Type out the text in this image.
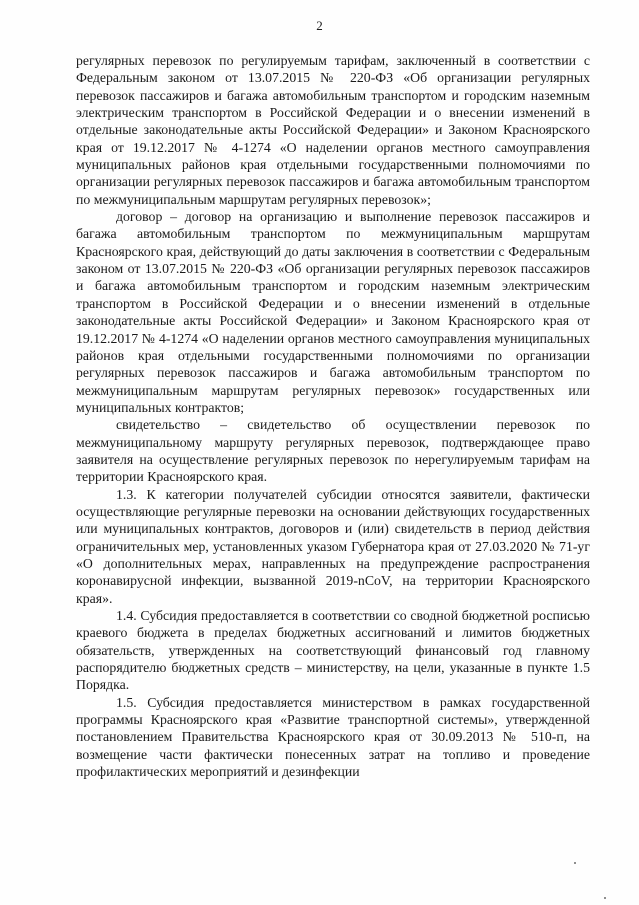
2

регулярных перевозок по регулируемым тарифам, заключенный в соответствии с Федеральным законом от 13.07.2015 № 220-ФЗ «Об организации регулярных перевозок пассажиров и багажа автомобильным транспортом и городским наземным электрическим транспортом в Российской Федерации и о внесении изменений в отдельные законодательные акты Российской Федерации» и Законом Красноярского края от 19.12.2017 № 4-1274 «О наделении органов местного самоуправления муниципальных районов края отдельными государственными полномочиями по организации регулярных перевозок пассажиров и багажа автомобильным транспортом по межмуниципальным маршрутам регулярных перевозок»;

договор – договор на организацию и выполнение перевозок пассажиров и багажа автомобильным транспортом по межмуниципальным маршрутам Красноярского края, действующий до даты заключения в соответствии с Федеральным законом от 13.07.2015 № 220-ФЗ «Об организации регулярных перевозок пассажиров и багажа автомобильным транспортом и городским наземным электрическим транспортом в Российской Федерации и о внесении изменений в отдельные законодательные акты Российской Федерации» и Законом Красноярского края от 19.12.2017 № 4-1274 «О наделении органов местного самоуправления муниципальных районов края отдельными государственными полномочиями по организации регулярных перевозок пассажиров и багажа автомобильным транспортом по межмуниципальным маршрутам регулярных перевозок» государственных или муниципальных контрактов;

свидетельство – свидетельство об осуществлении перевозок по межмуниципальному маршруту регулярных перевозок, подтверждающее право заявителя на осуществление регулярных перевозок по нерегулируемым тарифам на территории Красноярского края.

1.3. К категории получателей субсидии относятся заявители, фактически осуществляющие регулярные перевозки на основании действующих государственных или муниципальных контрактов, договоров и (или) свидетельств в период действия ограничительных мер, установленных указом Губернатора края от 27.03.2020 № 71-уг «О дополнительных мерах, направленных на предупреждение распространения коронавирусной инфекции, вызванной 2019-nCoV, на территории Красноярского края».

1.4. Субсидия предоставляется в соответствии со сводной бюджетной росписью краевого бюджета в пределах бюджетных ассигнований и лимитов бюджетных обязательств, утвержденных на соответствующий финансовый год главному распорядителю бюджетных средств – министерству, на цели, указанные в пункте 1.5 Порядка.

1.5. Субсидия предоставляется министерством в рамках государственной программы Красноярского края «Развитие транспортной системы», утвержденной постановлением Правительства Красноярского края от 30.09.2013 № 510-п, на возмещение части фактически понесенных затрат на топливо и проведение профилактических мероприятий и дезинфекции
